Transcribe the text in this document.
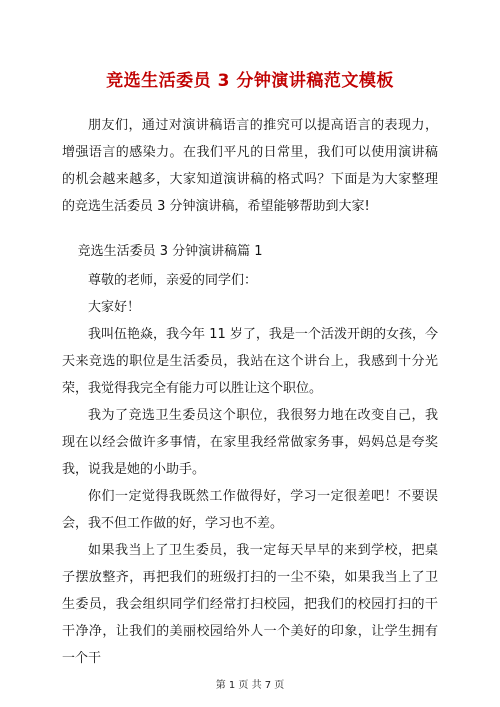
竞选生活委员 3 分钟演讲稿范文模板

朋友们，通过对演讲稿语言的推究可以提高语言的表现力，增强语言的感染力。在我们平凡的日常里，我们可以使用演讲稿的机会越来越多，大家知道演讲稿的格式吗？下面是为大家整理的竞选生活委员 3 分钟演讲稿，希望能够帮助到大家!

竞选生活委员 3 分钟演讲稿篇 1

尊敬的老师，亲爱的同学们：

大家好！

我叫伍艳焱，我今年 11 岁了，我是一个活泼开朗的女孩，今天来竞选的职位是生活委员，我站在这个讲台上，我感到十分光荣，我觉得我完全有能力可以胜让这个职位。

我为了竞选卫生委员这个职位，我很努力地在改变自己，我现在以经会做许多事情，在家里我经常做家务事，妈妈总是夸奖我，说我是她的小助手。

你们一定觉得我既然工作做得好，学习一定很差吧！不要误会，我不但工作做的好，学习也不差。

如果我当上了卫生委员，我一定每天早早的来到学校，把桌子摆放整齐，再把我们的班级打扫的一尘不染，如果我当上了卫生委员，我会组织同学们经常打扫校园，把我们的校园打扫的干干净净，让我们的美丽校园给外人一个美好的印象，让学生拥有一个干

第 1 页 共 7 页
